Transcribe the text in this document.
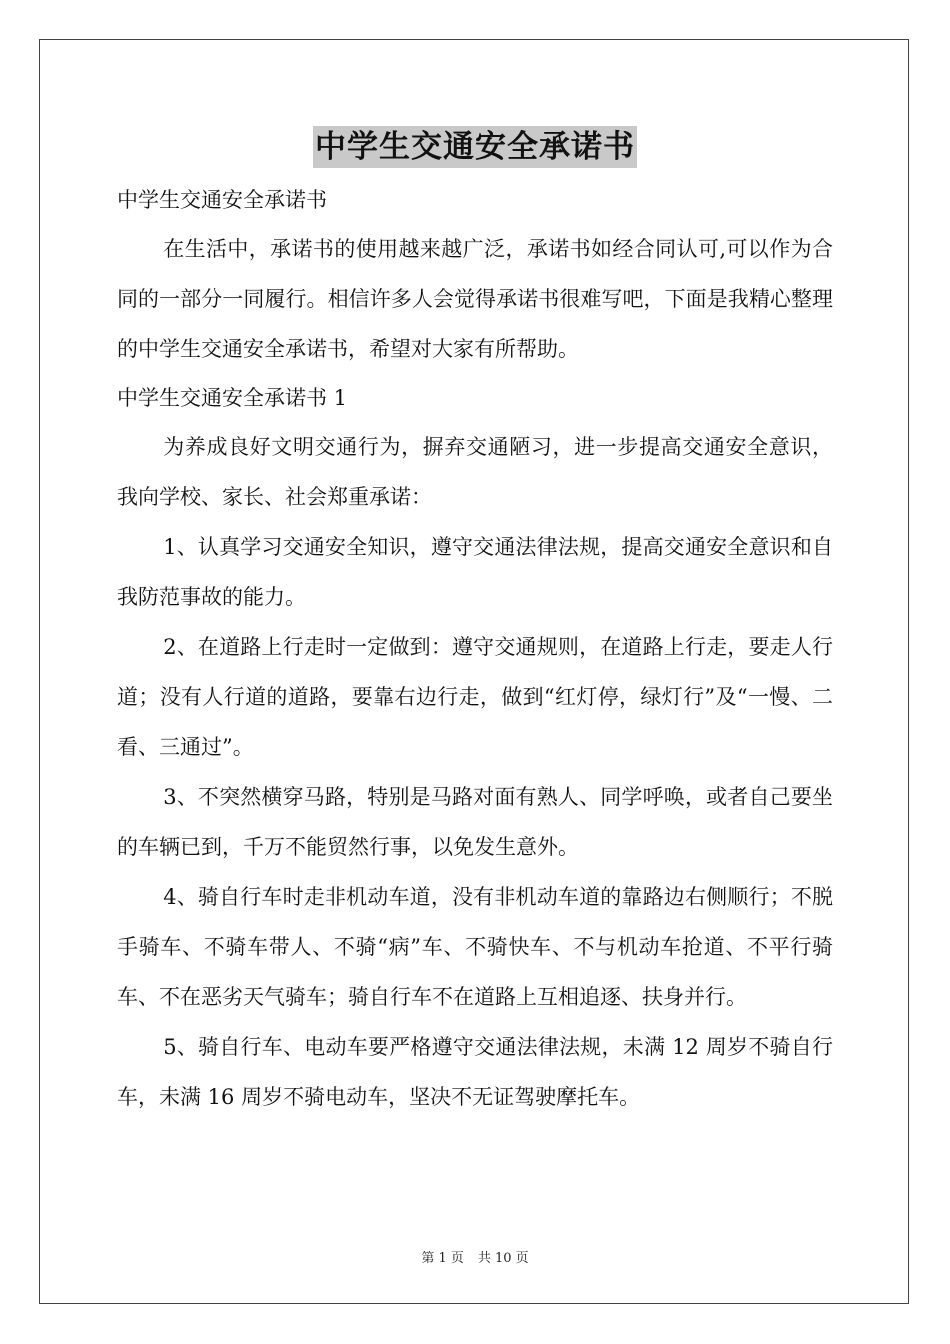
中学生交通安全承诺书

中学生交通安全承诺书

在生活中，承诺书的使用越来越广泛，承诺书如经合同认可,可以作为合同的一部分一同履行。相信许多人会觉得承诺书很难写吧，下面是我精心整理的中学生交通安全承诺书，希望对大家有所帮助。

中学生交通安全承诺书 1

为养成良好文明交通行为，摒弃交通陋习，进一步提高交通安全意识，我向学校、家长、社会郑重承诺：

1、认真学习交通安全知识，遵守交通法律法规，提高交通安全意识和自我防范事故的能力。

2、在道路上行走时一定做到：遵守交通规则，在道路上行走，要走人行道；没有人行道的道路，要靠右边行走，做到“红灯停，绿灯行”及“一慢、二看、三通过”。

3、不突然横穿马路，特别是马路对面有熟人、同学呼唤，或者自己要坐的车辆已到，千万不能贸然行事，以免发生意外。

4、骑自行车时走非机动车道，没有非机动车道的靠路边右侧顺行；不脱手骑车、不骑车带人、不骑“病”车、不骑快车、不与机动车抢道、不平行骑车、不在恶劣天气骑车；骑自行车不在道路上互相追逐、扶身并行。

5、骑自行车、电动车要严格遵守交通法律法规，未满 12 周岁不骑自行车，未满 16 周岁不骑电动车，坚决不无证驾驶摩托车。

第 1 页 共 10 页
